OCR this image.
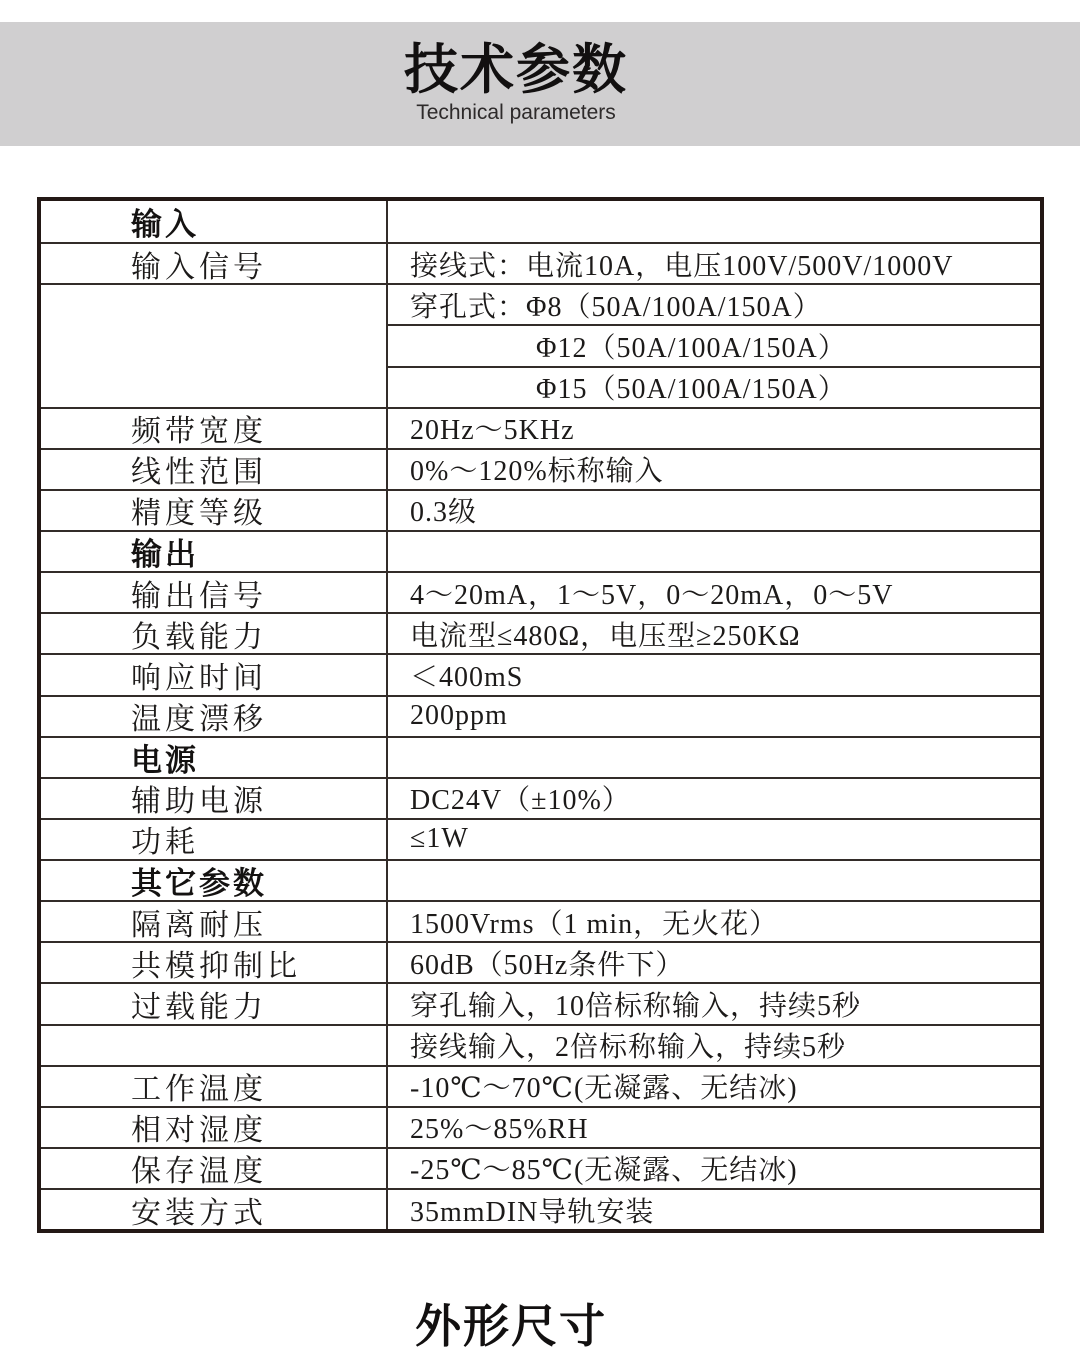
技术参数
Technical parameters
输入
输入信号	接线式：电流10A，电压100V/500V/1000V
穿孔式：Φ8（50A/100A/150A）
Φ12（50A/100A/150A）
Φ15（50A/100A/150A）
频带宽度	20Hz～5KHz
线性范围	0%～120%标称输入
精度等级	0.3级
输出
输出信号	4～20mA，1～5V，0～20mA，0～5V
负载能力	电流型≤480Ω，电压型≥250KΩ
响应时间	＜400mS
温度漂移	200ppm
电源
辅助电源	DC24V（±10%）
功耗	≤1W
其它参数
隔离耐压	1500Vrms（1 min，无火花）
共模抑制比	60dB（50Hz条件下）
过载能力	穿孔输入，10倍标称输入，持续5秒
接线输入，2倍标称输入，持续5秒
工作温度	-10℃～70℃(无凝露、无结冰)
相对湿度	25%～85%RH
保存温度	-25℃～85℃(无凝露、无结冰)
安装方式	35mmDIN导轨安装
外形尺寸
